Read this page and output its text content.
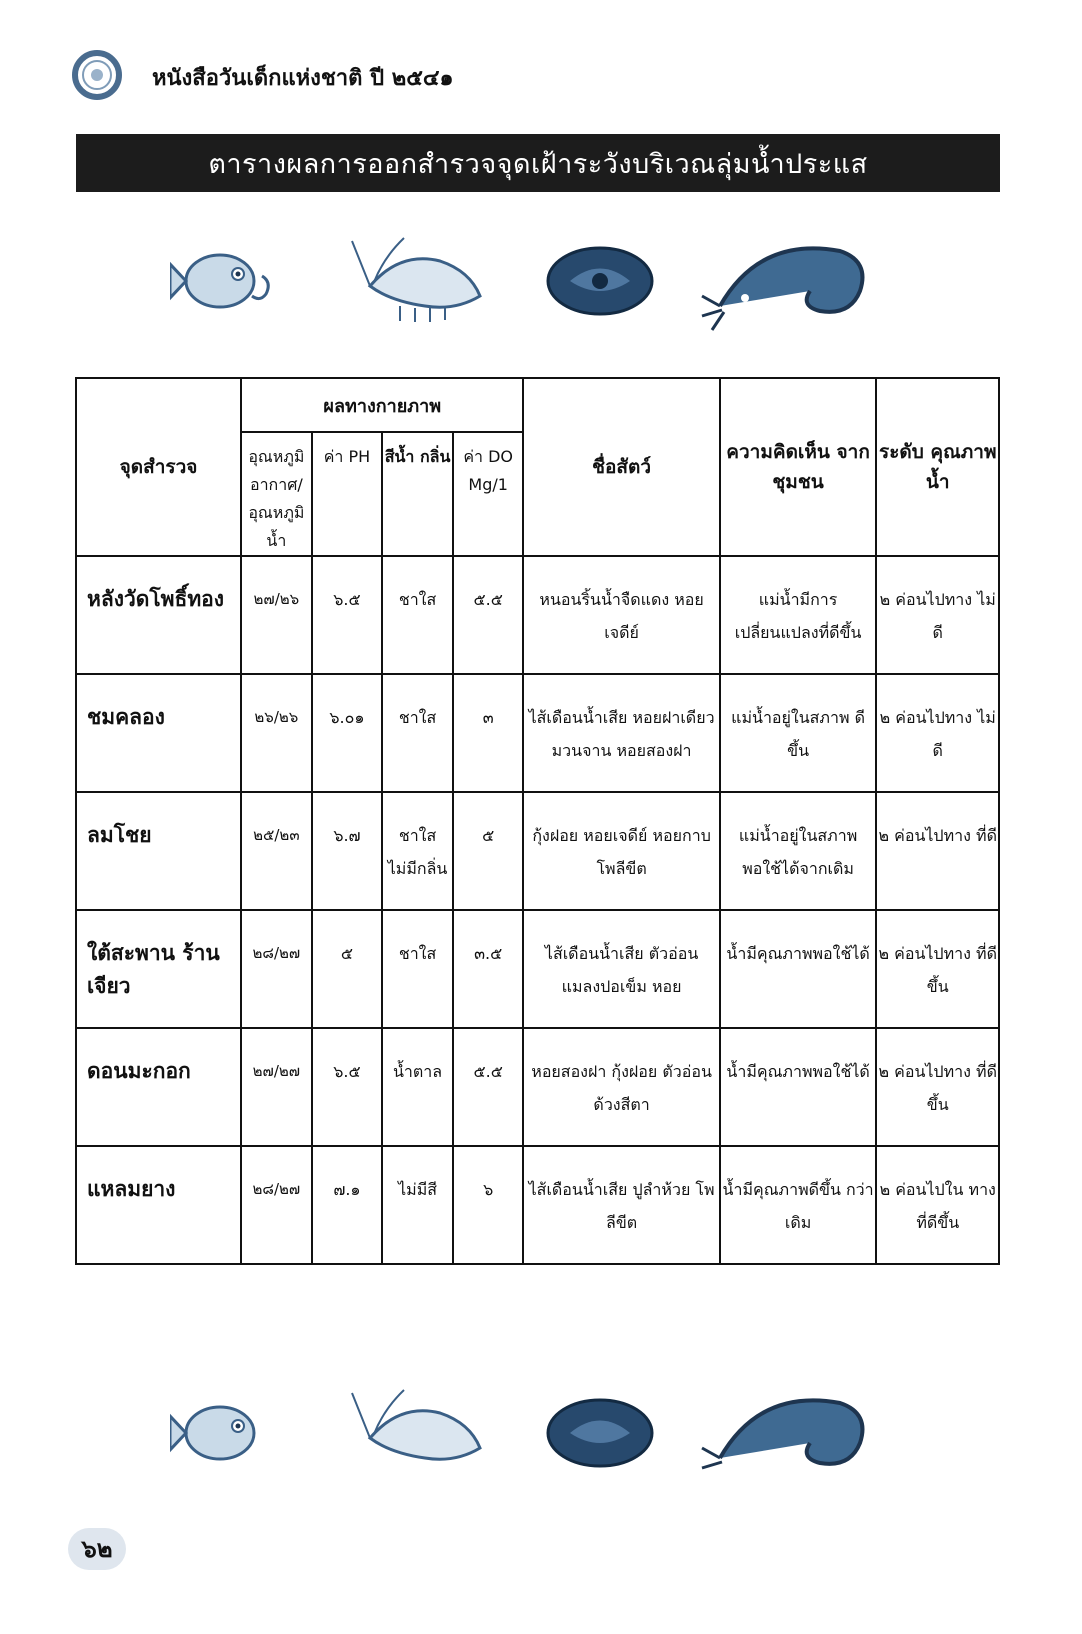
หนังสือวันเด็กแห่งชาติ ปี ๒๕๔๑
ตารางผลการออกสำรวจจุดเฝ้าระวังบริเวณลุ่มน้ำประแส
จุดสำรวจ	ผลทางกายภาพ				ชื่อสัตว์	ความคิดเห็น จากชุมชน	ระดับ คุณภาพน้ำ
	อุณหภูมิ อากาศ/ อุณหภูมิ น้ำ	ค่า PH	สีน้ำ กลิ่น	ค่า DO Mg/1			
หลังวัดโพธิ์ทอง	๒๗/๒๖	๖.๕	ชาใส	๕.๕	หนอนริ้นน้ำจืดแดง หอยเจดีย์	แม่น้ำมีการ เปลี่ยนแปลงที่ดีขึ้น	๒ ค่อนไปทาง ไม่ดี
ชมคลอง	๒๖/๒๖	๖.๐๑	ชาใส	๓	ไส้เดือนน้ำเสีย หอยฝาเดียว มวนจาน หอยสองฝา	แม่น้ำอยู่ในสภาพ ดีขึ้น	๒ ค่อนไปทาง ไม่ดี
ลมโชย	๒๕/๒๓	๖.๗	ชาใส ไม่มีกลิ่น	๕	กุ้งฝอย หอยเจดีย์ หอยกาบ โพลีขีต	แม่น้ำอยู่ในสภาพ พอใช้ได้จากเดิม	๒ ค่อนไปทาง ที่ดี
ใต้สะพาน ร้านเจียว	๒๘/๒๗	๕	ชาใส	๓.๕	ไส้เดือนน้ำเสีย ตัวอ่อนแมลงปอเข็ม หอย	น้ำมีคุณภาพพอใช้ได้	๒ ค่อนไปทาง ที่ดีขึ้น
ดอนมะกอก	๒๗/๒๗	๖.๕	น้ำตาล	๕.๕	หอยสองฝา กุ้งฝอย ตัวอ่อนด้วงสีตา	น้ำมีคุณภาพพอใช้ได้	๒ ค่อนไปทาง ที่ดีขึ้น
แหลมยาง	๒๘/๒๗	๗.๑	ไม่มีสี	๖	ไส้เดือนน้ำเสีย ปูลำห้วย โพลีขีต	น้ำมีคุณภาพดีขึ้น กว่าเดิม	๒ ค่อนไปใน ทางที่ดีขึ้น
๖๒
